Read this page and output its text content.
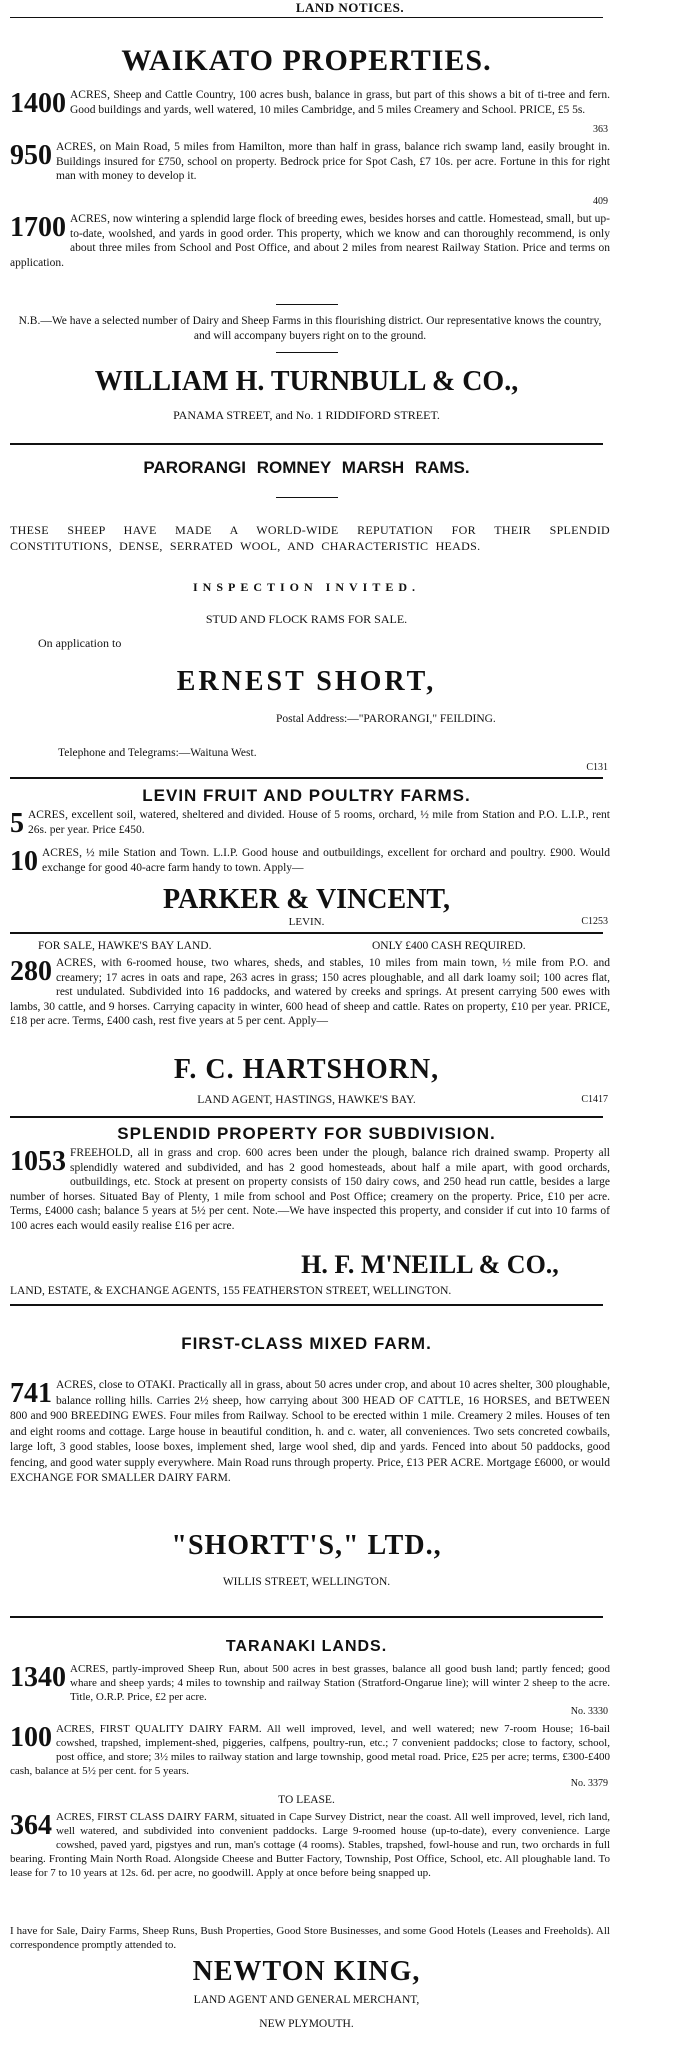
LAND NOTICES.
WAIKATO PROPERTIES.
1400 ACRES, Sheep and Cattle Country, 100 acres bush, balance in grass, but part of this shows a bit of ti-tree and fern. Good buildings and yards, well watered, 10 miles Cambridge, and 5 miles Creamery and School. PRICE, £5 5s.
363
950 ACRES, on Main Road, 5 miles from Hamilton, more than half in grass, balance rich swamp land, easily brought in. Buildings insured for £750, school on property. Bedrock price for Spot Cash, £7 10s. per acre. Fortune in this for right man with money to develop it.
409
1700 ACRES, now wintering a splendid large flock of breeding ewes, besides horses and cattle. Homestead, small, but up-to-date, woolshed, and yards in good order. This property, which we know and can thoroughly recommend, is only about three miles from School and Post Office, and about 2 miles from nearest Railway Station. Price and terms on application.
N.B.—We have a selected number of Dairy and Sheep Farms in this flourishing district. Our representative knows the country, and will accompany buyers right on to the ground.
WILLIAM H. TURNBULL & CO.,
PANAMA STREET, and No. 1 RIDDIFORD STREET.
PARORANGI ROMNEY MARSH RAMS.
THESE SHEEP HAVE MADE A WORLD-WIDE REPUTATION FOR THEIR SPLENDID CONSTITUTIONS, DENSE, SERRATED WOOL, AND CHARACTERISTIC HEADS.
INSPECTION INVITED.
STUD AND FLOCK RAMS FOR SALE.
On application to
ERNEST SHORT,
Postal Address:—"PARORANGI," FEILDING.
Telephone and Telegrams:—Waituna West.
C131
LEVIN FRUIT AND POULTRY FARMS.
5 ACRES, excellent soil, watered, sheltered and divided. House of 5 rooms, orchard, ½ mile from Station and P.O. L.I.P., rent 26s. per year. Price £450.
10 ACRES, ½ mile Station and Town. L.I.P. Good house and outbuildings, excellent for orchard and poultry. £900. Would exchange for good 40-acre farm handy to town. Apply—
PARKER & VINCENT,
LEVIN.	C1253
FOR SALE, HAWKE'S BAY LAND.	ONLY £400 CASH REQUIRED.
280 ACRES, with 6-roomed house, two whares, sheds, and stables, 10 miles from main town, ½ mile from P.O. and creamery; 17 acres in oats and rape, 263 acres in grass; 150 acres ploughable, and all dark loamy soil; 100 acres flat, rest undulated. Subdivided into 16 paddocks, and watered by creeks and springs. At present carrying 500 ewes with lambs, 30 cattle, and 9 horses. Carrying capacity in winter, 600 head of sheep and cattle. Rates on property, £10 per year. PRICE, £18 per acre. Terms, £400 cash, rest five years at 5 per cent. Apply—
F. C. HARTSHORN,
LAND AGENT, HASTINGS, HAWKE'S BAY.	C1417
SPLENDID PROPERTY FOR SUBDIVISION.
1053 FREEHOLD, all in grass and crop. 600 acres been under the plough, balance rich drained swamp. Property all splendidly watered and subdivided, and has 2 good homesteads, about half a mile apart, with good orchards, outbuildings, etc. Stock at present on property consists of 150 dairy cows, and 250 head run cattle, besides a large number of horses. Situated Bay of Plenty, 1 mile from school and Post Office; creamery on the property. Price, £10 per acre. Terms, £4000 cash; balance 5 years at 5½ per cent. Note.—We have inspected this property, and consider if cut into 10 farms of 100 acres each would easily realise £16 per acre.
H. F. M'NEILL & CO.,
LAND, ESTATE, & EXCHANGE AGENTS, 155 FEATHERSTON STREET, WELLINGTON.
FIRST-CLASS MIXED FARM.
741 ACRES, close to OTAKI. Practically all in grass, about 50 acres under crop, and about 10 acres shelter, 300 ploughable, balance rolling hills. Carries 2½ sheep, how carrying about 300 HEAD OF CATTLE, 16 HORSES, and BETWEEN 800 and 900 BREEDING EWES. Four miles from Railway. School to be erected within 1 mile. Creamery 2 miles. Houses of ten and eight rooms and cottage. Large house in beautiful condition, h. and c. water, all conveniences. Two sets concreted cowbails, large loft, 3 good stables, loose boxes, implement shed, large wool shed, dip and yards. Fenced into about 50 paddocks, good fencing, and good water supply everywhere. Main Road runs through property. Price, £13 PER ACRE. Mortgage £6000, or would EXCHANGE FOR SMALLER DAIRY FARM.
"SHORTT'S," LTD.,
WILLIS STREET, WELLINGTON.
TARANAKI LANDS.
1340 ACRES, partly-improved Sheep Run, about 500 acres in best grasses, balance all good bush land; partly fenced; good whare and sheep yards; 4 miles to township and railway Station (Stratford-Ongarue line); will winter 2 sheep to the acre. Title, O.R.P. Price, £2 per acre.
No. 3330
100 ACRES, FIRST QUALITY DAIRY FARM. All well improved, level, and well watered; new 7-room House; 16-bail cowshed, trapshed, implement-shed, piggeries, calfpens, poultry-run, etc.; 7 convenient paddocks; close to factory, school, post office, and store; 3½ miles to railway station and large township, good metal road. Price, £25 per acre; terms, £300-£400 cash, balance at 5½ per cent. for 5 years.
No. 3379
TO LEASE.
364 ACRES, FIRST CLASS DAIRY FARM, situated in Cape Survey District, near the coast. All well improved, level, rich land, well watered, and subdivided into convenient paddocks. Large 9-roomed house (up-to-date), every convenience. Large cowshed, paved yard, pigstyes and run, man's cottage (4 rooms). Stables, trapshed, fowl-house and run, two orchards in full bearing. Fronting Main North Road. Alongside Cheese and Butter Factory, Township, Post Office, School, etc. All ploughable land. To lease for 7 to 10 years at 12s. 6d. per acre, no goodwill. Apply at once before being snapped up.
I have for Sale, Dairy Farms, Sheep Runs, Bush Properties, Good Store Businesses, and some Good Hotels (Leases and Freeholds). All correspondence promptly attended to.
NEWTON KING,
LAND AGENT AND GENERAL MERCHANT,
NEW PLYMOUTH.
